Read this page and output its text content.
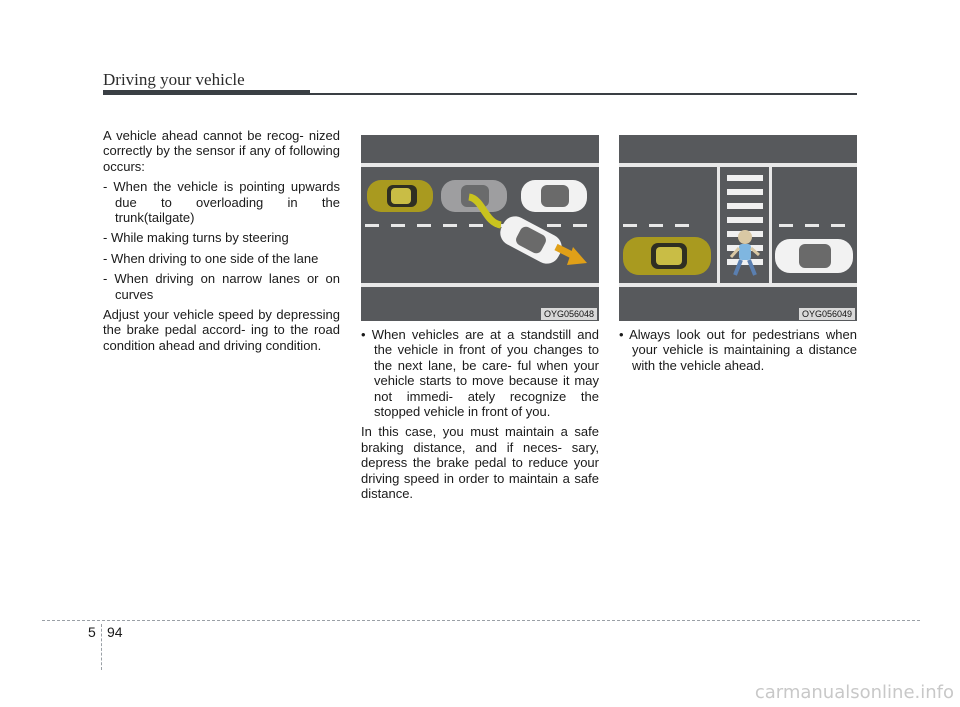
Driving your vehicle

A vehicle ahead cannot be recog- nized correctly by the sensor if any of following occurs:

- When the vehicle is pointing upwards due to overloading in the trunk(tailgate)

- While making turns by steering

- When driving to one side of the lane

- When driving on narrow lanes or on curves

Adjust your vehicle speed by depressing the brake pedal accord- ing to the road condition ahead and driving condition.

OYG056048	OYG056049

• When vehicles are at a standstill and the vehicle in front of you changes to the next lane, be care- ful when your vehicle starts to move because it may not immedi- ately recognize the stopped vehicle in front of you.

In this case, you must maintain a safe braking distance, and if neces- sary, depress the brake pedal to reduce your driving speed in order to maintain a safe distance.

• Always look out for pedestrians when your vehicle is maintaining a distance with the vehicle ahead.

5 94
carmanualsonline.info
